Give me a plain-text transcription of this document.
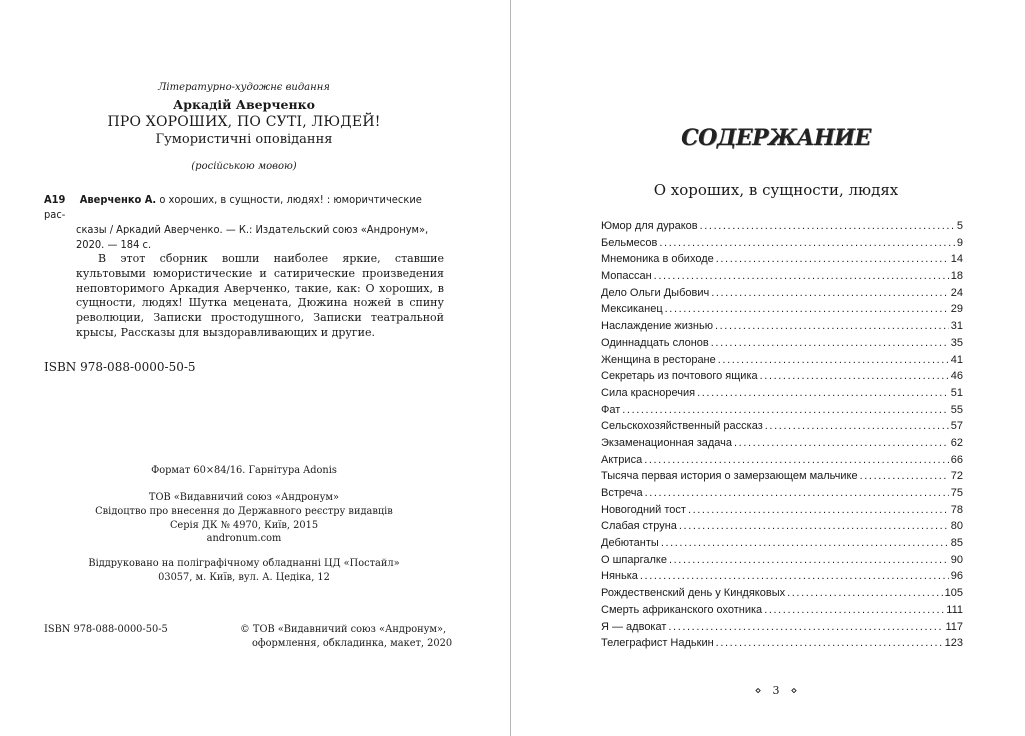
Літературно-художнє видання
Аркадій Аверченко
ПРО ХОРОШИХ, ПО СУТІ, ЛЮДЕЙ!
Гумористичні оповідання
(російською мовою)
А19 Аверченко А. о хороших, в сущности, людях! : юморичтические рас-
сказы / Аркадий Аверченко. — К.: Издательский союз «Андронум»,
2020. — 184 с.
В этот сборник вошли наиболее яркие, ставшие культовыми юмористические и сатирические произведения неповторимого Аркадия Аверченко, такие, как: О хороших, в сущности, людях! Шутка мецената, Дюжина ножей в спину революции, Записки простодушного, Записки театральной крысы, Рассказы для выздоравливающих и другие.
ISBN 978-088-0000-50-5
Формат 60×84/16. Гарнітура Adonis
ТОВ «Видавничий союз «Андронум»
Свідоцтво про внесення до Державного реєстру видавців
Серія ДК № 4970, Київ, 2015
andronum.com
Віддруковано на поліграфічному обладнанні ЦД «Постайл»
03057, м. Київ, вул. А. Цедіка, 12
ISBN 978-088-0000-50-5	© ТОВ «Видавничий союз «Андронум»,
оформлення, обкладинка, макет, 2020
СОДЕРЖАНИЕ
О хороших, в сущности, людях
Юмор для дураков .....	5
Бельмесов .....	9
Мнемоника в обиходе .....	14
Мопассан .....	18
Дело Ольги Дыбович .....	24
Мексиканец .....	29
Наслаждение жизнью .....	31
Одиннадцать слонов .....	35
Женщина в ресторане .....	41
Секретарь из почтового ящика .....	46
Сила красноречия .....	51
Фат .....	55
Сельскохозяйственный рассказ .....	57
Экзаменационная задача .....	62
Актриса .....	66
Тысяча первая история о замерзающем мальчике .....	72
Встреча .....	75
Новогодний тост .....	78
Слабая струна .....	80
Дебютанты .....	85
О шпаргалке .....	90
Нянька .....	96
Рождественский день у Киндяковых .....	105
Смерть африканского охотника .....	111
Я — адвокат .....	117
Телеграфист Надькин .....	123
⋄ 3 ⋄
